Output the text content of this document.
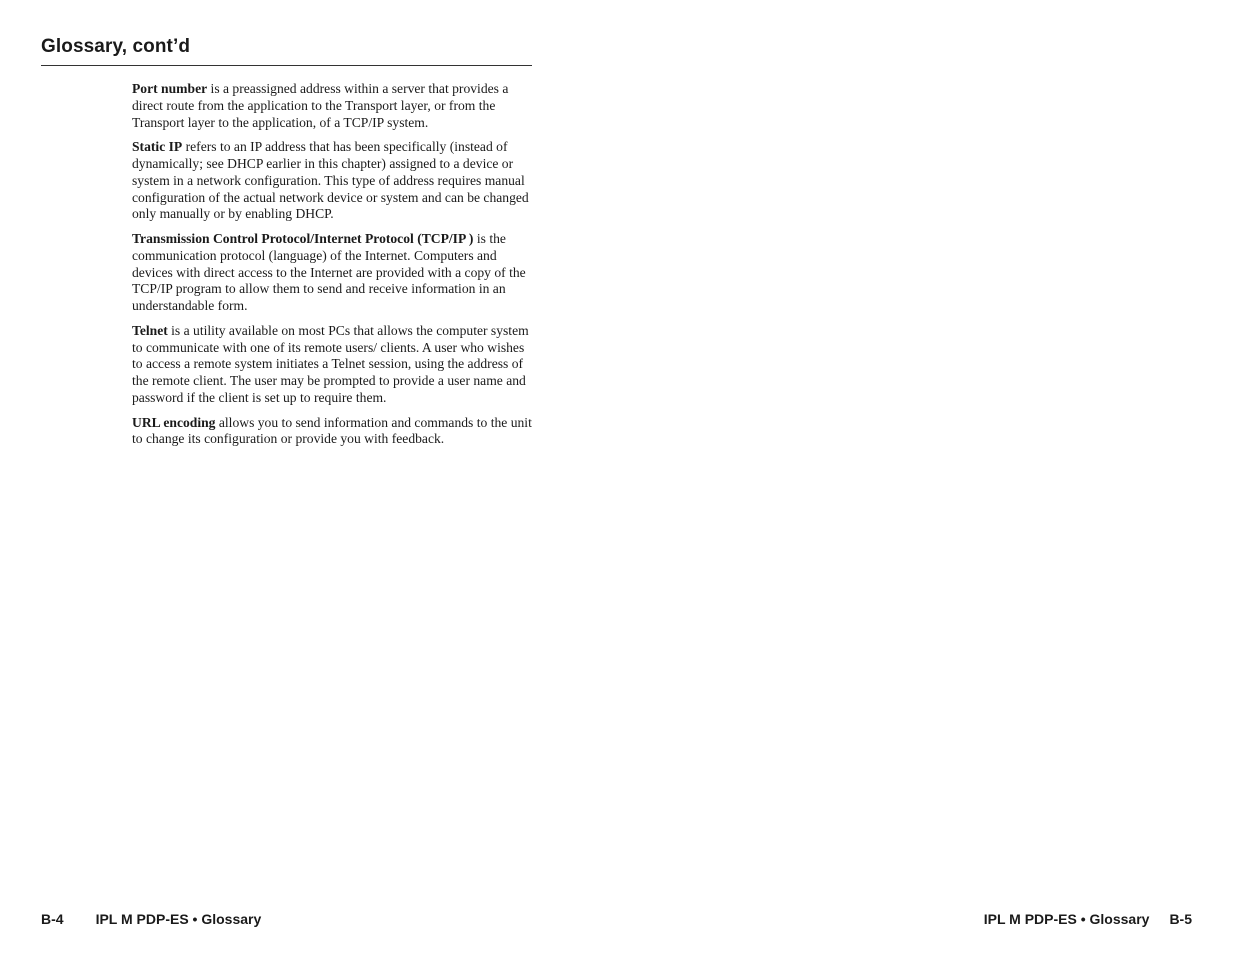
Glossary, cont’d

Port number is a preassigned address within a server that provides a direct route from the application to the Transport layer, or from the Transport layer to the application, of a TCP/IP system.

Static IP refers to an IP address that has been specifically (instead of dynamically; see DHCP earlier in this chapter) assigned to a device or system in a network configuration. This type of address requires manual configuration of the actual network device or system and can be changed only manually or by enabling DHCP.

Transmission Control Protocol/Internet Protocol (TCP/IP ) is the communication protocol (language) of the Internet. Computers and devices with direct access to the Internet are provided with a copy of the TCP/IP program to allow them to send and receive information in an understandable form.

Telnet is a utility available on most PCs that allows the computer system to communicate with one of its remote users/ clients. A user who wishes to access a remote system initiates a Telnet session, using the address of the remote client. The user may be prompted to provide a user name and password if the client is set up to require them.

URL encoding allows you to send information and commands to the unit to change its configuration or provide you with feedback.

B-4 IPL M PDP-ES • Glossary	IPL M PDP-ES • Glossary B-5
